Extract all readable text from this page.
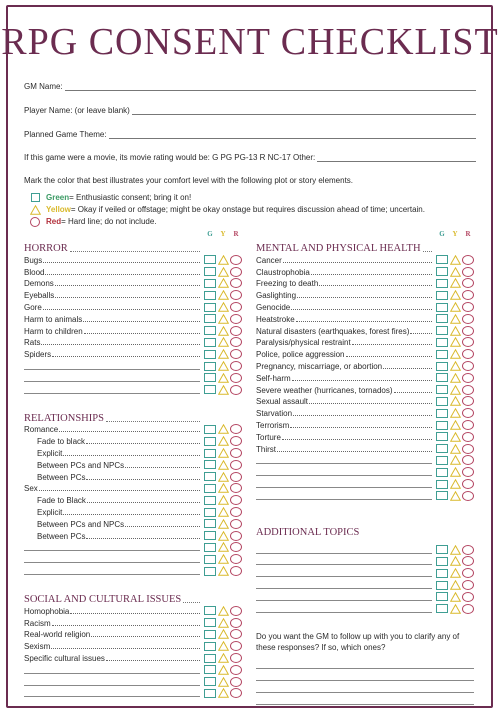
RPG CONSENT CHECKLIST
GM Name:
Player Name: (or leave blank)
Planned Game Theme:
If this game were a movie, its movie rating would be: G PG PG-13 R NC-17 Other:
Mark the color that best illustrates your comfort level with the following plot or story elements.
Green = Enthusiastic consent; bring it on!
Yellow = Okay if veiled or offstage; might be okay onstage but requires discussion ahead of time; uncertain.
Red = Hard line; do not include.
HORROR
G	Y	R
Bugs
Blood
Demons
Eyeballs
Gore
Harm to animals
Harm to children
Rats
Spiders
RELATIONSHIPS
Romance
Fade to black
Explicit
Between PCs and NPCs
Between PCs
Sex
Fade to Black
Explicit
Between PCs and NPCs
Between PCs
SOCIAL AND CULTURAL ISSUES
Homophobia
Racism
Real-world religion
Sexism
Specific cultural issues
MENTAL AND PHYSICAL HEALTH
G	Y	R
Cancer
Claustrophobia
Freezing to death
Gaslighting
Genocide
Heatstroke
Natural disasters (earthquakes, forest fires)
Paralysis/physical restraint
Police, police aggression
Pregnancy, miscarriage, or abortion
Self-harm
Severe weather (hurricanes, tornados)
Sexual assault
Starvation
Terrorism
Torture
Thirst
ADDITIONAL TOPICS
Do you want the GM to follow up with you to clarify any of these responses? If so, which ones?
